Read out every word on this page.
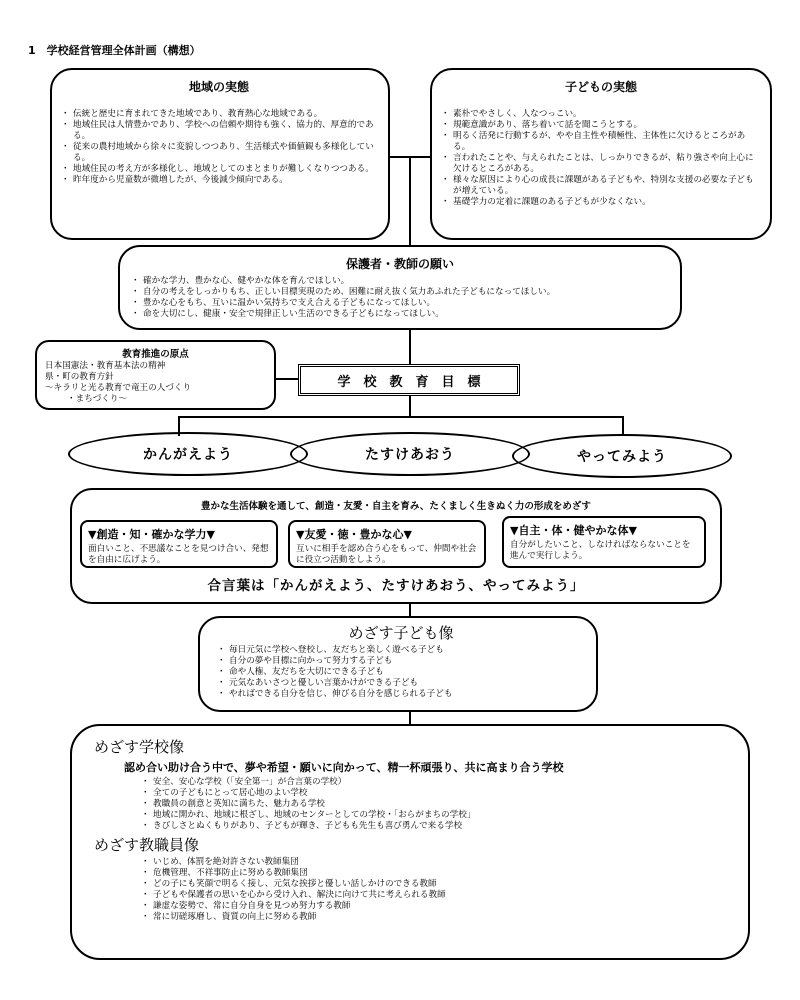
1　学校経営管理全体計画（構想）
地域の実態
・ 伝統と歴史に育まれてきた地域であり、教育熱心な地域である。
・ 地域住民は人情豊かであり、学校への信頼や期待も強く、協力的、厚意的である。
・ 従来の農村地域から徐々に変貌しつつあり、生活様式や価値観も多様化している。
・ 地域住民の考え方が多様化し、地域としてのまとまりが難しくなりつつある。
・ 昨年度から児童数が微増したが、今後減少傾向である。
子どもの実態
・ 素朴でやさしく、人なつっこい。
・ 規範意識があり、落ち着いて話を聞こうとする。
・ 明るく活発に行動するが、やや自主性や積極性、主体性に欠けるところがある。
・ 言われたことや、与えられたことは、しっかりできるが、粘り強さや向上心に欠けるところがある。
・ 様々な原因により心の成長に課題がある子どもや、特別な支援の必要な子どもが増えている。
・ 基礎学力の定着に課題のある子どもが少なくない。
保護者・教師の願い
・ 確かな学力、豊かな心、健やかな体を育んでほしい。
・ 自分の考えをしっかりもち、正しい目標実現のため、困難に耐え抜く気力あふれた子どもになってほしい。
・ 豊かな心をもち、互いに温かい気持ちで支え合える子どもになってほしい。
・ 命を大切にし、健康・安全で規律正しい生活のできる子どもになってほしい。
教育推進の原点
日本国憲法・教育基本法の精神
県・町の教育方針
～キラリと光る教育で竜王の人づくり
・まちづくり～
学　校　教　育　目　標
かんがえよう	たすけあおう	やってみよう
豊かな生活体験を通して、創造・友愛・自主を育み、たくましく生きぬく力の形成をめざす
▼創造・知・確かな学力▼
面白いこと、不思議なことを見つけ合い、発想を自由に広げよう。
▼友愛・徳・豊かな心▼
互いに相手を認め合う心をもって、仲間や社会に役立つ活動をしよう。
▼自主・体・健やかな体▼
自分がしたいこと、しなければならないことを進んで実行しよう。
合言葉は「かんがえよう、たすけあおう、やってみよう」
めざす子ども像
・ 毎日元気に学校へ登校し、友だちと楽しく遊べる子ども
・ 自分の夢や目標に向かって努力する子ども
・ 命や人権、友だちを大切にできる子ども
・ 元気なあいさつと優しい言葉かけができる子ども
・ やればできる自分を信じ、伸びる自分を感じられる子ども
めざす学校像
認め合い助け合う中で、夢や希望・願いに向かって、精一杯頑張り、共に高まり合う学校
・ 安全、安心な学校（「安全第一」が合言葉の学校）
・ 全ての子どもにとって居心地のよい学校
・ 教職員の創意と英知に満ちた、魅力ある学校
・ 地域に開かれ、地域に根ざし、地域のセンターとしての学校・「おらがまちの学校」
・ きびしさとぬくもりがあり、子どもが輝き、子どもも先生も喜び勇んで来る学校
めざす教職員像
・ いじめ、体罰を絶対許さない教師集団
・ 危機管理、不祥事防止に努める教師集団
・ どの子にも笑顔で明るく接し、元気な挨拶と優しい話しかけのできる教師
・ 子どもや保護者の思いを心から受け入れ、解決に向けて共に考えられる教師
・ 謙虚な姿勢で、常に自分自身を見つめ努力する教師
・ 常に切磋琢磨し、資質の向上に努める教師
